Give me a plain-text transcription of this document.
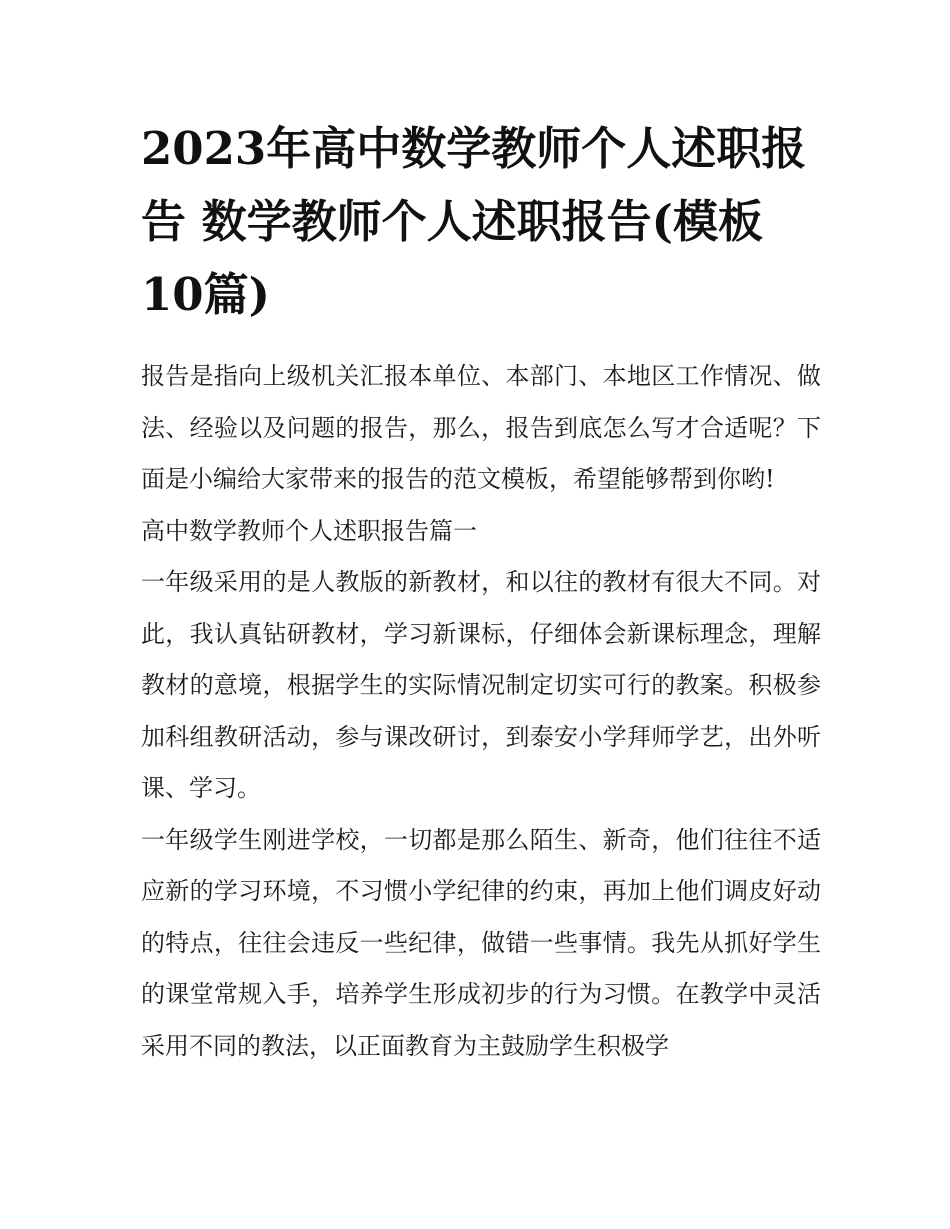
2023年高中数学教师个人述职报告 数学教师个人述职报告(模板10篇)

报告是指向上级机关汇报本单位、本部门、本地区工作情况、做法、经验以及问题的报告，那么，报告到底怎么写才合适呢？下面是小编给大家带来的报告的范文模板，希望能够帮到你哟!

高中数学教师个人述职报告篇一

一年级采用的是人教版的新教材，和以往的教材有很大不同。对此，我认真钻研教材，学习新课标，仔细体会新课标理念，理解教材的意境，根据学生的实际情况制定切实可行的教案。积极参加科组教研活动，参与课改研讨，到泰安小学拜师学艺，出外听课、学习。

一年级学生刚进学校，一切都是那么陌生、新奇，他们往往不适应新的学习环境，不习惯小学纪律的约束，再加上他们调皮好动的特点，往往会违反一些纪律，做错一些事情。我先从抓好学生的课堂常规入手，培养学生形成初步的行为习惯。在教学中灵活采用不同的教法，以正面教育为主鼓励学生积极学
